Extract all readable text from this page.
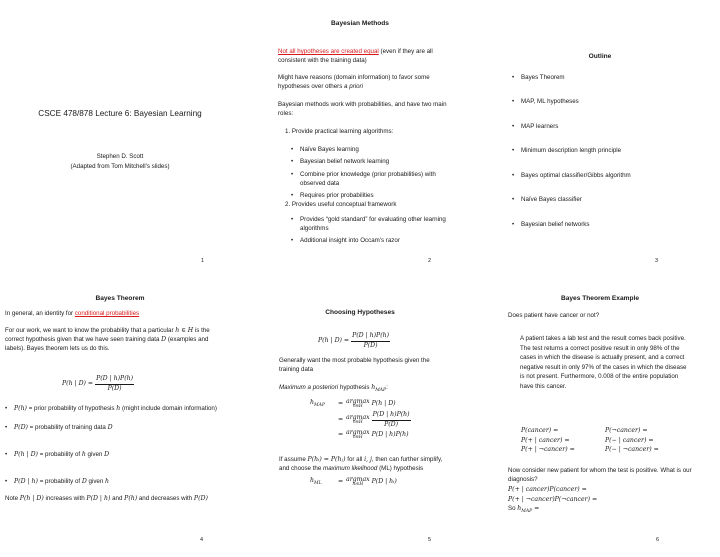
CSCE 478/878 Lecture 6: Bayesian Learning
Stephen D. Scott
(Adapted from Tom Mitchell's slides)
1
Bayesian Methods
Not all hypotheses are created equal (even if they are all consistent with the training data)
Might have reasons (domain information) to favor some hypotheses over others a priori
Bayesian methods work with probabilities, and have two main roles:
1. Provide practical learning algorithms:
• Naïve Bayes learning
• Bayesian belief network learning
• Combine prior knowledge (prior probabilities) with observed data
• Requires prior probabilities
2. Provides useful conceptual framework
• Provides “gold standard” for evaluating other learning algorithms
• Additional insight into Occam's razor
2
Outline
• Bayes Theorem
• MAP, ML hypotheses
• MAP learners
• Minimum description length principle
• Bayes optimal classifier/Gibbs algorithm
• Naïve Bayes classifier
• Bayesian belief networks
3
Bayes Theorem
In general, an identity for conditional probabilities
For our work, we want to know the probability that a particular h ∈ H is the correct hypothesis given that we have seen training data D (examples and labels). Bayes theorem lets us do this.
P(h | D) =
$\frac{P(D | h)P(h)}{P(D)}$
• P(h) = prior probability of hypothesis h (might include domain information)
• P(D) = probability of training data D
• P(h | D) = probability of h given D
• P(D | h) = probability of D given h
Note P(h | D) increases with P(D | h) and P(h) and decreases with P(D)
4
Choosing Hypotheses
P(h | D) =
$\frac{P(D | h)P(h)}{P(D)}$
Generally want the most probable hypothesis given the training data
Maximum a posteriori hypothesis $h_{MAP}$:
$h_{MAP}$	= argmax
h∈H
	P(h | D)
= argmax
h∈H
	$\frac{P(D | h)P(h)}{P(D)}$
= argmax
h∈H
	P(D | h)P(h)
If assume P(hᵢ) = P(hⱼ) for all i, j, then can further simplify, and choose the maximum likelihood (ML) hypothesis
$h_{ML}$	= argmax
hᵢ∈H
	P(D | hᵢ)
5
Bayes Theorem Example
Does patient have cancer or not?
A patient takes a lab test and the result comes back positive. The test returns a correct positive result in only 98% of the cases in which the disease is actually present, and a correct negative result in only 97% of the cases in which the disease is not present. Furthermore, 0.008 of the entire population have this cancer.
P(cancer) =	P(¬cancer) =
P(+ | cancer) =	P(− | cancer) =
P(+ | ¬cancer) =	P(− | ¬cancer) =
Now consider new patient for whom the test is positive. What is our diagnosis?
P(+ | cancer)P(cancer) =
P(+ | ¬cancer)P(¬cancer) =
So $h_{MAP}$ =
6
